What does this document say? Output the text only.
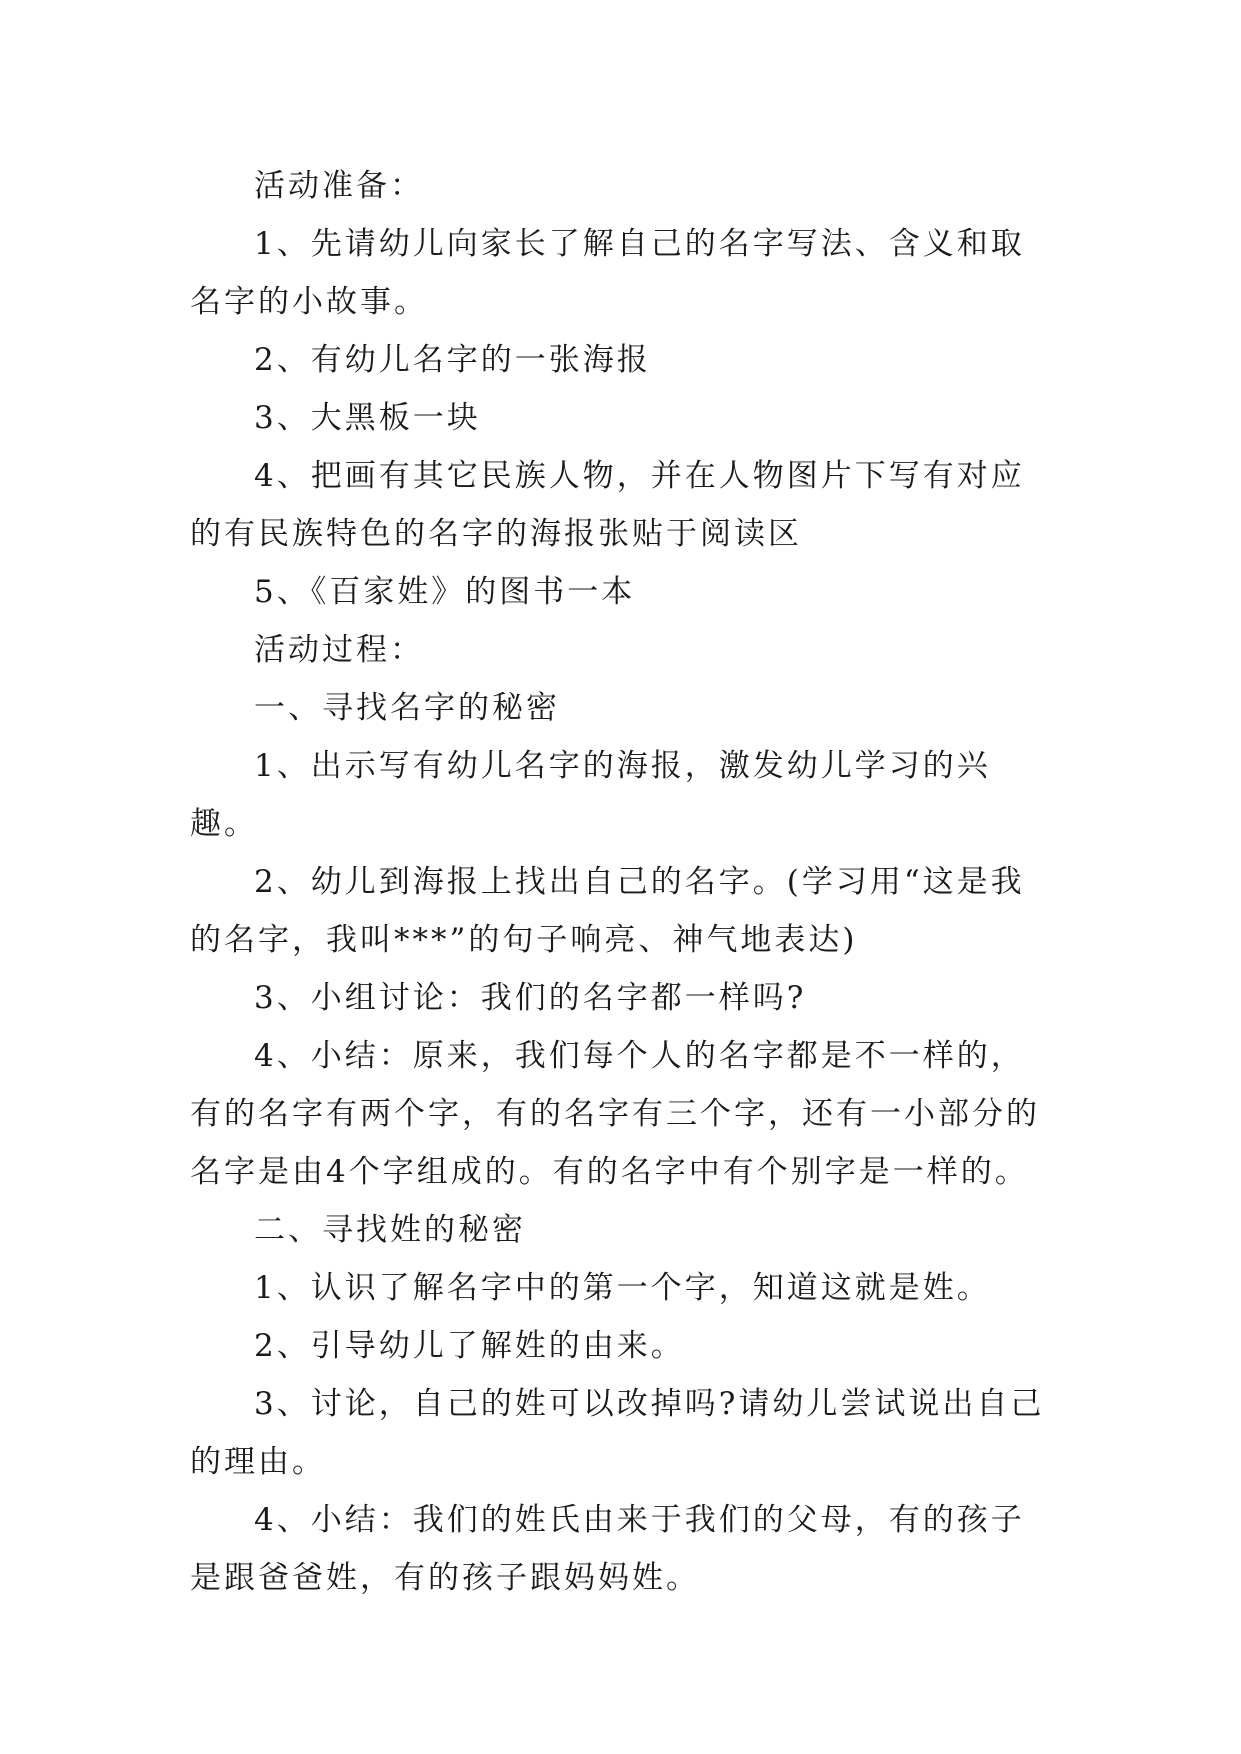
活动准备：

1、先请幼儿向家长了解自己的名字写法、含义和取名字的小故事。

2、有幼儿名字的一张海报

3、大黑板一块

4、把画有其它民族人物，并在人物图片下写有对应的有民族特色的名字的海报张贴于阅读区

5、《百家姓》的图书一本

活动过程：

一、寻找名字的秘密

1、出示写有幼儿名字的海报，激发幼儿学习的兴趣。

2、幼儿到海报上找出自己的名字。(学习用“这是我的名字，我叫***”的句子响亮、神气地表达)

3、小组讨论：我们的名字都一样吗?

4、小结：原来，我们每个人的名字都是不一样的，有的名字有两个字，有的名字有三个字，还有一小部分的名字是由4个字组成的。有的名字中有个别字是一样的。

二、寻找姓的秘密

1、认识了解名字中的第一个字，知道这就是姓。

2、引导幼儿了解姓的由来。

3、讨论，自己的姓可以改掉吗?请幼儿尝试说出自己的理由。

4、小结：我们的姓氏由来于我们的父母，有的孩子是跟爸爸姓，有的孩子跟妈妈姓。
